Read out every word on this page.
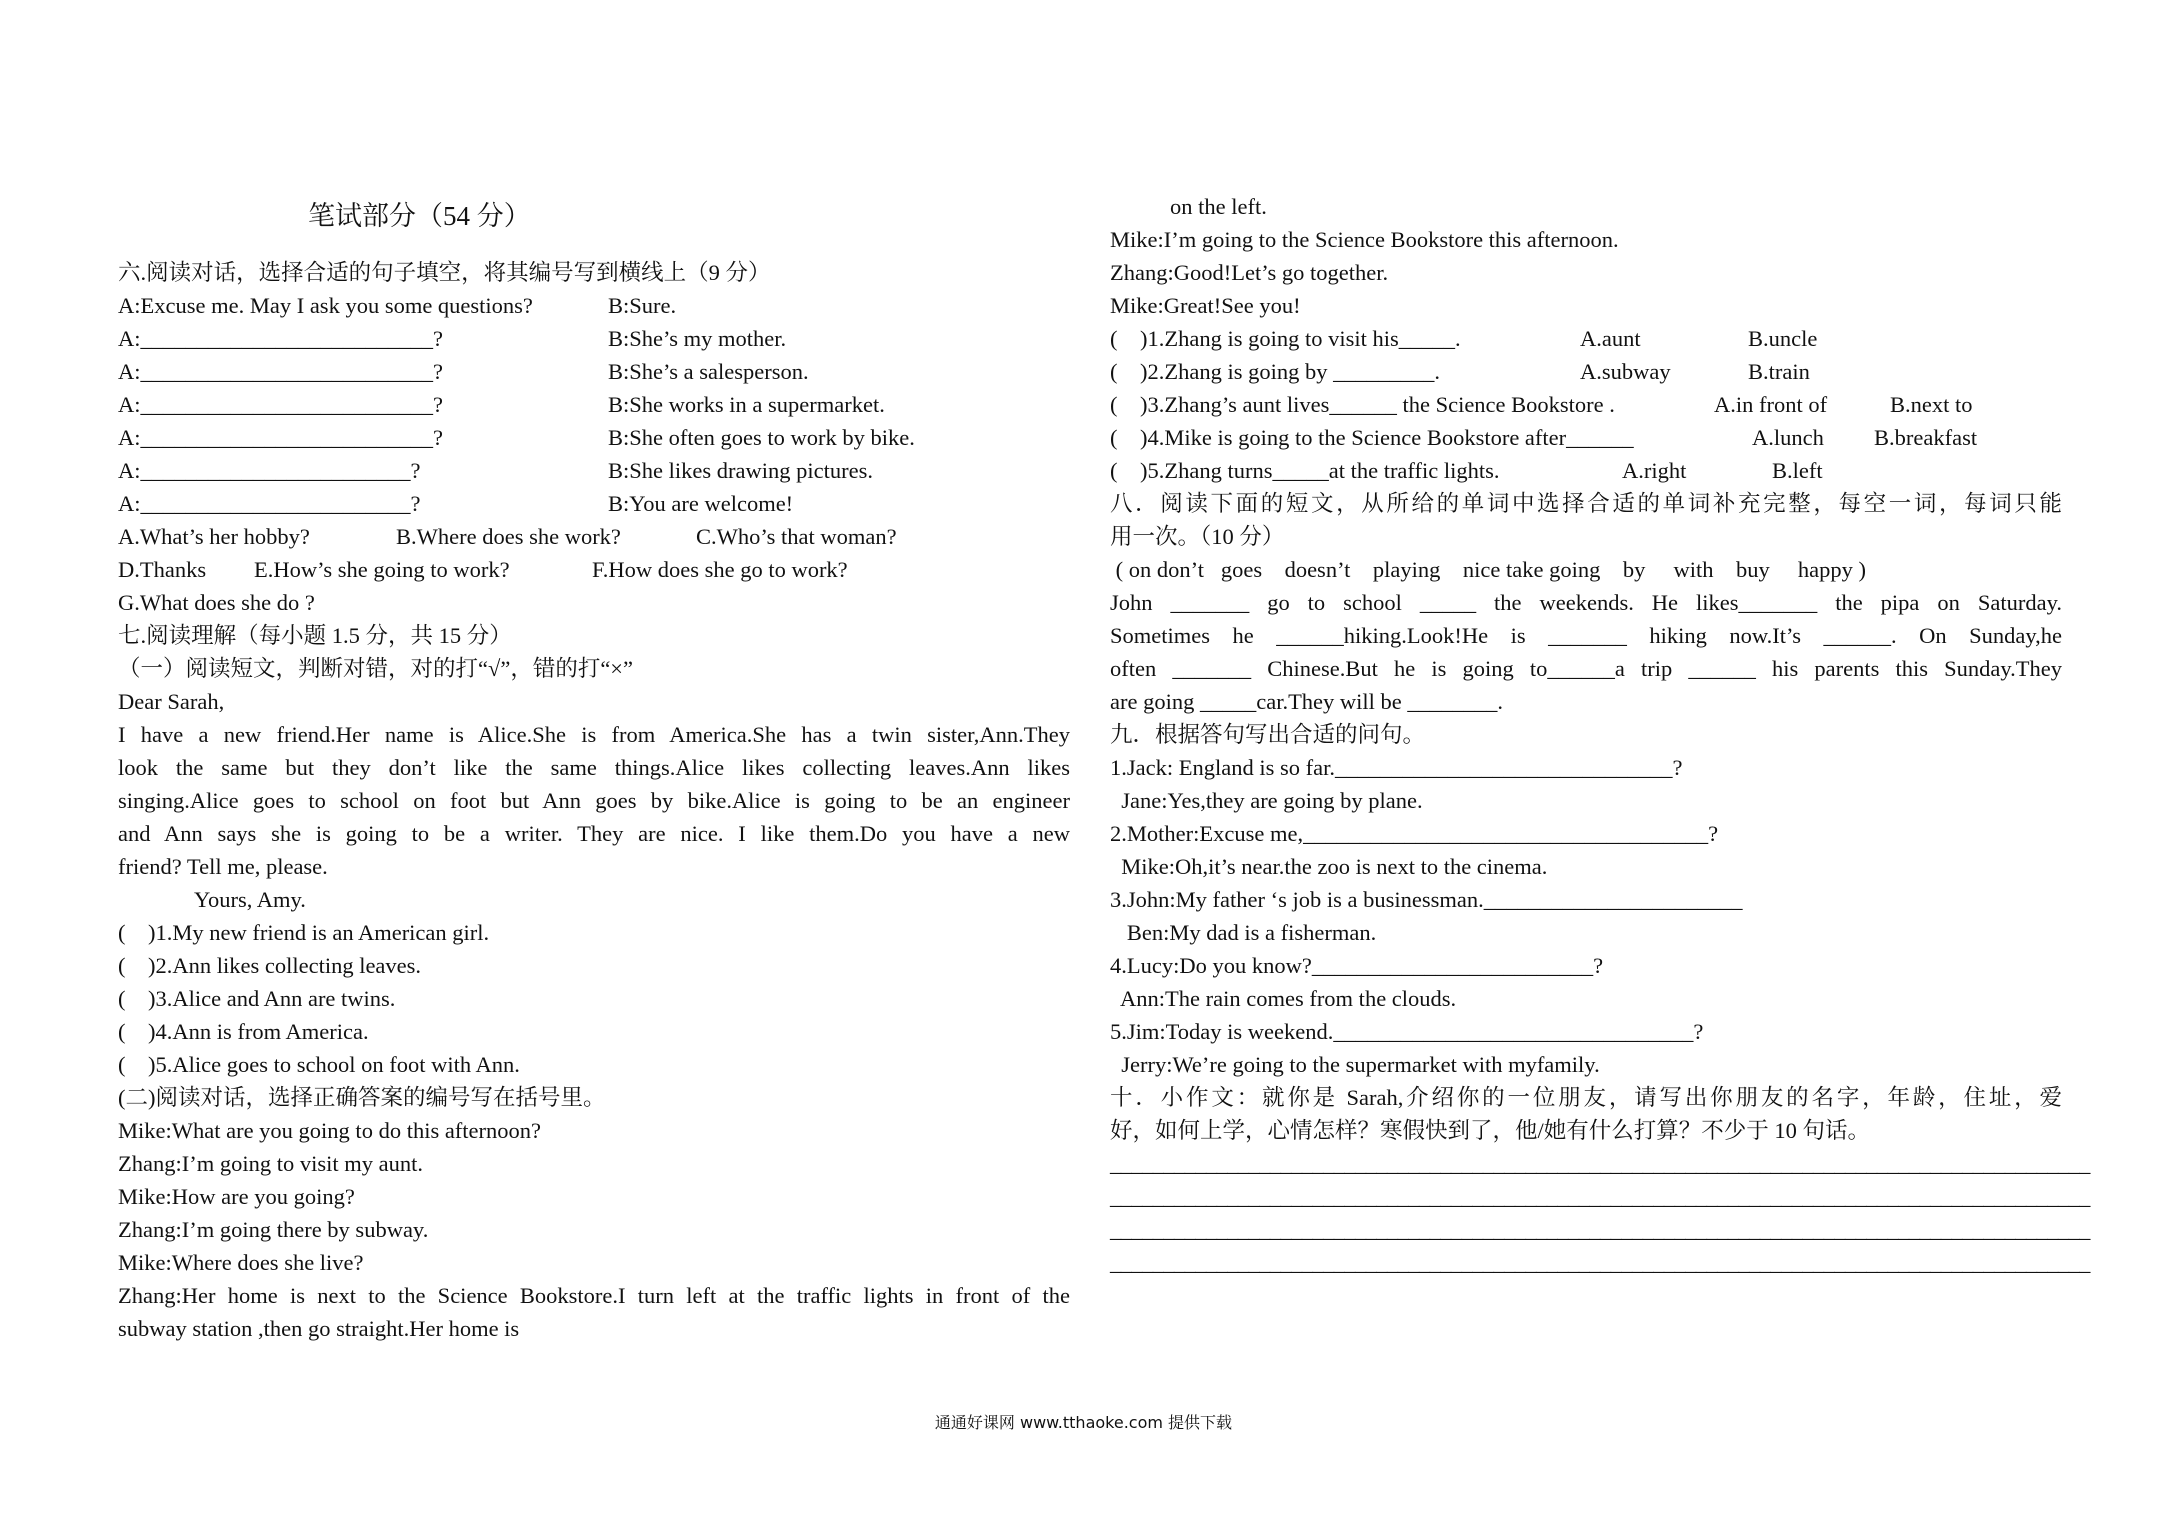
笔试部分（54 分）
六.阅读对话，选择合适的句子填空，将其编号写到横线上（9 分）
A:Excuse me. May I ask you some questions?	B:Sure.
A:__________________________?	B:She’s my mother.
A:__________________________?	B:She’s a salesperson.
A:__________________________?	B:She works in a supermarket.
A:__________________________?	B:She often goes to work by bike.
A:________________________?	B:She likes drawing pictures.
A:________________________?	B:You are welcome!
A.What’s her hobby?	B.Where does she work?	C.Who’s that woman?
D.Thanks E.How’s she going to work?	F.How does she go to work?
G.What does she do ?
七.阅读理解（每小题 1.5 分，共 15 分）
（一）阅读短文，判断对错，对的打“√”，错的打“×”
Dear Sarah,
I have a new friend.Her name is Alice.She is from America.She has a twin sister,Ann.They
look the same but they don’t like the same things.Alice likes collecting leaves.Ann likes
singing.Alice goes to school on foot but Ann goes by bike.Alice is going to be an engineer
and Ann says she is going to be a writer. They are nice. I like them.Do you have a new
friend? Tell me, please.
Yours, Amy.
(    )1.My new friend is an American girl.
(    )2.Ann likes collecting leaves.
(    )3.Alice and Ann are twins.
(    )4.Ann is from America.
(    )5.Alice goes to school on foot with Ann.
(二)阅读对话，选择正确答案的编号写在括号里。
Mike:What are you going to do this afternoon?
Zhang:I’m going to visit my aunt.
Mike:How are you going?
Zhang:I’m going there by subway.
Mike:Where does she live?
Zhang:Her home is next to the Science Bookstore.I turn left at the traffic lights in front of the
subway station ,then go straight.Her home is
on the left.
Mike:I’m going to the Science Bookstore this afternoon.
Zhang:Good!Let’s go together.
Mike:Great!See you!
(    )1.Zhang is going to visit his_____.	A.aunt	B.uncle
(    )2.Zhang is going by _________.	A.subway	B.train
(    )3.Zhang’s aunt lives______ the Science Bookstore .	A.in front of	B.next to
(    )4.Mike is going to the Science Bookstore after______	A.lunch B.breakfast
(    )5.Zhang turns_____at the traffic lights.	A.right	B.left
八．阅读下面的短文，从所给的单词中选择合适的单词补充完整，每空一词，每词只能
用一次。（10 分）
( on don’t   goes    doesn’t    playing    nice take going    by     with    buy     happy )
John _______ go to school _____ the weekends. He likes_______ the pipa on Saturday.
Sometimes he ______hiking.Look!He is _______ hiking now.It’s ______. On Sunday,he
often _______ Chinese.But he is going to______a trip ______ his parents this Sunday.They
are going _____car.They will be ________.
九．根据答句写出合适的问句。
1.Jack: England is so far.______________________________?
Jane:Yes,they are going by plane.
2.Mother:Excuse me,____________________________________?
Mike:Oh,it’s near.the zoo is next to the cinema.
3.John:My father ‘s job is a businessman._______________________
Ben:My dad is a fisherman.
4.Lucy:Do you know?_________________________?
Ann:The rain comes from the clouds.
5.Jim:Today is weekend.________________________________?
Jerry:We’re going to the supermarket with myfamily.
十．小作文：就你是 Sarah,介绍你的一位朋友，请写出你朋友的名字，年龄，住址，爱
好，如何上学，心情怎样？寒假快到了，他/她有什么打算？不少于 10 句话。
____________________________________________________________________________________________
____________________________________________________________________________________________
____________________________________________________________________________________________
____________________________________________________________________________________________
通通好课网 www.tthaoke.com 提供下载
